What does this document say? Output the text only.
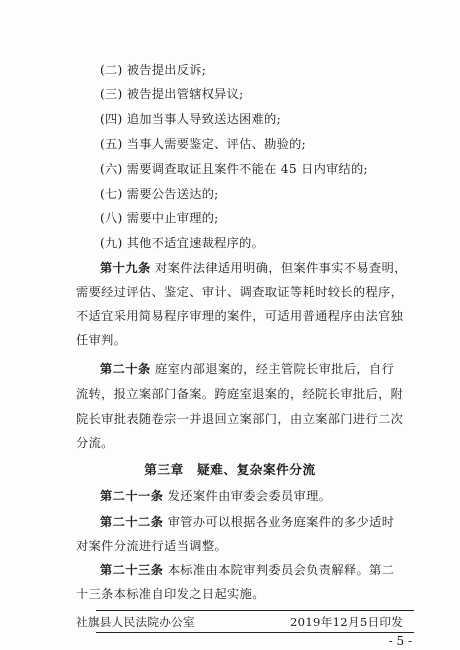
(二) 被告提出反诉;
(三) 被告提出管辖权异议;
(四) 追加当事人导致送达困难的;
(五) 当事人需要鉴定、评估、勘验的;
(六) 需要调查取证且案件不能在 45 日内审结的;
(七) 需要公告送达的;
(八) 需要中止审理的;
(九) 其他不适宜速裁程序的。
第十九条 对案件法律适用明确，但案件事实不易查明，
需要经过评估、鉴定、审计、调查取证等耗时较长的程序，
不适宜采用简易程序审理的案件，可适用普通程序由法官独
任审判。
第二十条 庭室内部退案的，经主管院长审批后，自行
流转，报立案部门备案。跨庭室退案的，经院长审批后，附
院长审批表随卷宗一并退回立案部门，由立案部门进行二次
分流。
第三章　疑难、复杂案件分流
第二十一条 发还案件由审委会委员审理。
第二十二条 审管办可以根据各业务庭案件的多少适时
对案件分流进行适当调整。
第二十三条 本标准由本院审判委员会负责解释。第二
十三条本标准自印发之日起实施。
社旗县人民法院办公室	2019年12月5日印发
- 5 -
